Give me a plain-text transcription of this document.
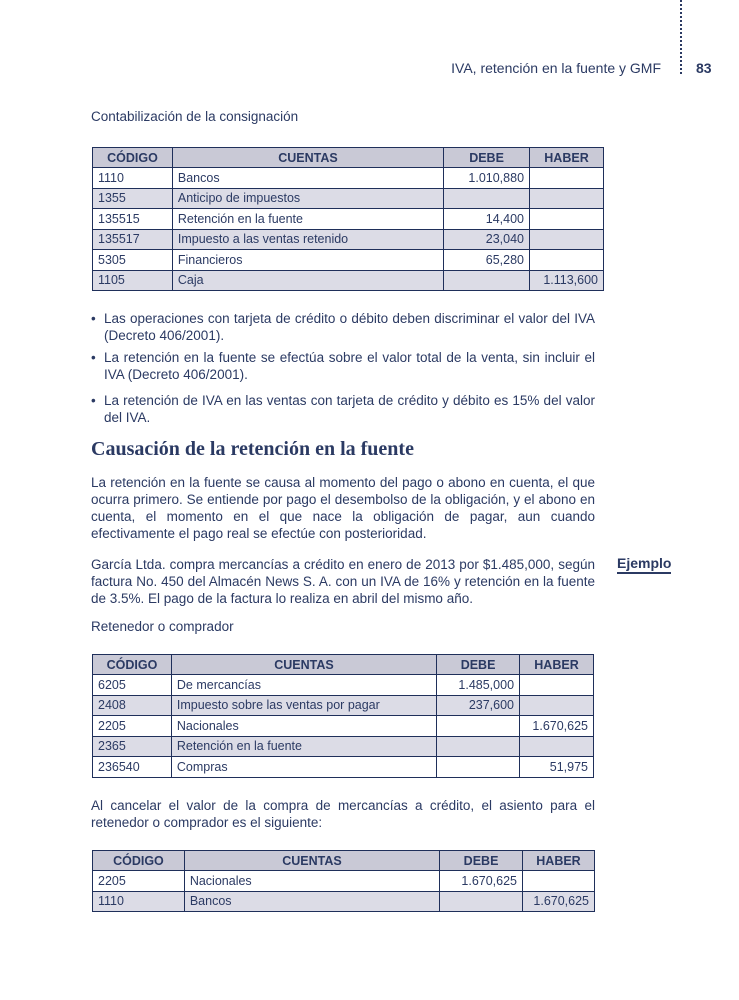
IVA, retención en la fuente y GMF	83
Contabilización de la consignación
CÓDIGO	CUENTAS	DEBE	HABER
1110	Bancos	1.010,880	
1355	Anticipo de impuestos		
135515	Retención en la fuente	14,400	
135517	Impuesto a las ventas retenido	23,040	
5305	Financieros	65,280	
1105	Caja		1.113,600
• Las operaciones con tarjeta de crédito o débito deben discriminar el valor del IVA (Decreto 406/2001).
• La retención en la fuente se efectúa sobre el valor total de la venta, sin incluir el IVA (Decreto 406/2001).
• La retención de IVA en las ventas con tarjeta de crédito y débito es 15% del valor del IVA.
Causación de la retención en la fuente
La retención en la fuente se causa al momento del pago o abono en cuenta, el que ocurra primero. Se entiende por pago el desembolso de la obligación, y el abono en cuenta, el momento en el que nace la obligación de pagar, aun cuando efectivamente el pago real se efectúe con posterioridad.
García Ltda. compra mercancías a crédito en enero de 2013 por $1.485,000, según factura No. 450 del Almacén News S. A. con un IVA de 16% y retención en la fuente de 3.5%. El pago de la factura lo realiza en abril del mismo año.
Ejemplo
Retenedor o comprador
CÓDIGO	CUENTAS	DEBE	HABER
6205	De mercancías	1.485,000	
2408	Impuesto sobre las ventas por pagar	237,600	
2205	Nacionales		1.670,625
2365	Retención en la fuente		
236540	Compras		51,975
Al cancelar el valor de la compra de mercancías a crédito, el asiento para el retenedor o comprador es el siguiente:
CÓDIGO	CUENTAS	DEBE	HABER
2205	Nacionales	1.670,625	
1110	Bancos		1.670,625
